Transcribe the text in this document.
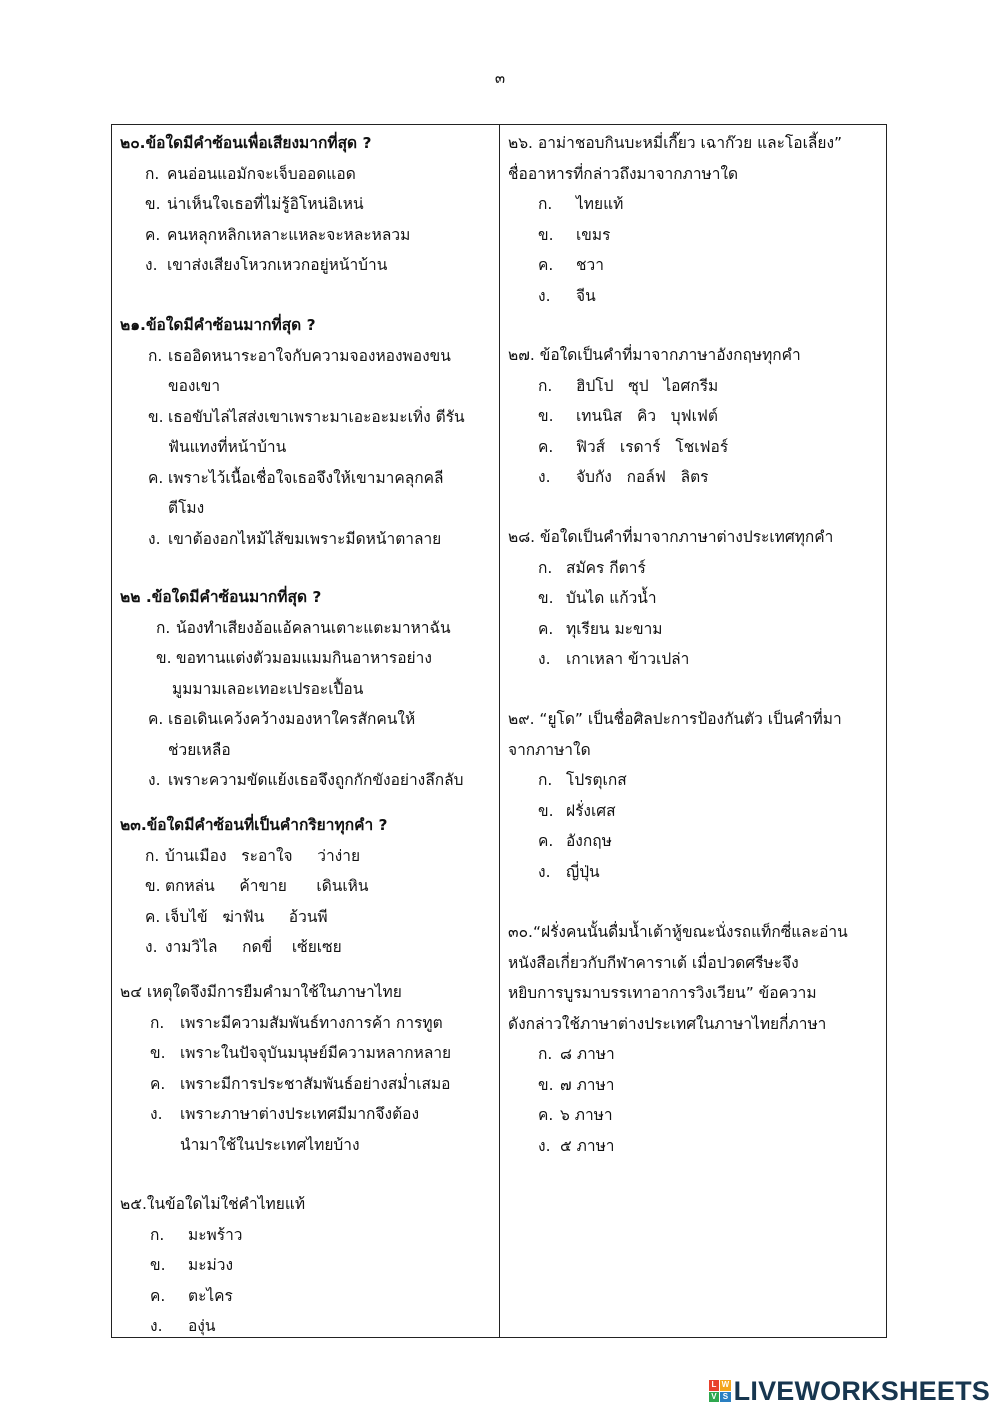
๓
๒๐.ข้อใดมีคำซ้อนเพื่อเสียงมากที่สุด ?
ก. คนอ่อนแอมักจะเจ็บออดแอด
ข. น่าเห็นใจเธอที่ไม่รู้อิโหน่อิเหน่
ค. คนหลุกหลิกเหลาะแหละจะหละหลวม
ง. เขาส่งเสียงโหวกเหวกอยู่หน้าบ้าน
๒๑.ข้อใดมีคำซ้อนมากที่สุด ?
ก. เธออิดหนาระอาใจกับความจองหองพองขน
ของเขา
ข. เธอขับไล่ไสส่งเขาเพราะมาเอะอะมะเทิ่ง ตีรัน
ฟันแทงที่หน้าบ้าน
ค. เพราะไว้เนื้อเชื่อใจเธอจึงให้เขามาคลุกคลี
ตีโมง
ง. เขาต้องอกไหม้ไส้ขมเพราะมีดหน้าตาลาย
๒๒ .ข้อใดมีคำซ้อนมากที่สุด ?
ก. น้องทำเสียงอ้อแอ้คลานเตาะแตะมาหาฉัน
ข. ขอทานแต่งตัวมอมแมมกินอาหารอย่าง
มูมมามเลอะเทอะเปรอะเปื้อน
ค. เธอเดินเคว้งคว้างมองหาใครสักคนให้
ช่วยเหลือ
ง. เพราะความขัดแย้งเธอจึงถูกกักขังอย่างลึกลับ
๒๓.ข้อใดมีคำซ้อนที่เป็นคำกริยาทุกคำ ?
ก. บ้านเมือง   ระอาใจ     ว่าง่าย
ข. ตกหล่น     ค้าขาย      เดินเหิน
ค. เจ็บไข้   ฆ่าฟัน     อ้วนพี
ง. งามวิไล     กดขี่    เซ้ยเซย
๒๔ เหตุใดจึงมีการยืมคำมาใช้ในภาษาไทย
ก.	เพราะมีความสัมพันธ์ทางการค้า การทูต
ข. เพราะในปัจจุบันมนุษย์มีความหลากหลาย
ค. เพราะมีการประชาสัมพันธ์อย่างสม่ำเสมอ
ง.	เพราะภาษาต่างประเทศมีมากจึงต้อง
นำมาใช้ในประเทศไทยบ้าง
๒๕.ในข้อใดไม่ใช่คำไทยแท้
ก.	มะพร้าว
ข.	มะม่วง
ค.	ตะไคร
ง.	องุ่น
๒๖. อาม่าชอบกินบะหมี่เกี๊ยว เฉาก๊วย และโอเลี้ยง”
ชื่ออาหารที่กล่าวถึงมาจากภาษาใด
ก.	ไทยแท้
ข.	เขมร
ค.	ชวา
ง.	จีน
๒๗. ข้อใดเป็นคำที่มาจากภาษาอังกฤษทุกคำ
ก.	ฮิปโป   ซุป   ไอศกรีม
ข.	เทนนิส   คิว   บุฟเฟต์
ค.	ฟิวส์   เรดาร์   โชเฟอร์
ง.	จับกัง   กอล์ฟ   ลิตร
๒๘. ข้อใดเป็นคำที่มาจากภาษาต่างประเทศทุกคำ
ก. สมัคร กีตาร์
ข. บันได แก้วน้ำ
ค. ทุเรียน มะขาม
ง.	เกาเหลา ข้าวเปล่า
๒๙. “ยูโด” เป็นชื่อศิลปะการป้องกันตัว เป็นคำที่มา
จากภาษาใด
ก. โปรตุเกส
ข. ฝรั่งเศส
ค. อังกฤษ
ง.	ญี่ปุ่น
๓๐.“ฝรั่งคนนั้นดื่มน้ำเต้าหู้ขณะนั่งรถแท็กซี่และอ่าน
หนังสือเกี่ยวกับกีฬาคาราเต้ เมื่อปวดศรีษะจึง
หยิบการบูรมาบรรเทาอาการวิงเวียน” ข้อความ
ดังกล่าวใช้ภาษาต่างประเทศในภาษาไทยกี่ภาษา
ก. ๘ ภาษา
ข. ๗ ภาษา
ค. ๖ ภาษา
ง. ๕ ภาษา
L W
V S LIVEWORKSHEETS
